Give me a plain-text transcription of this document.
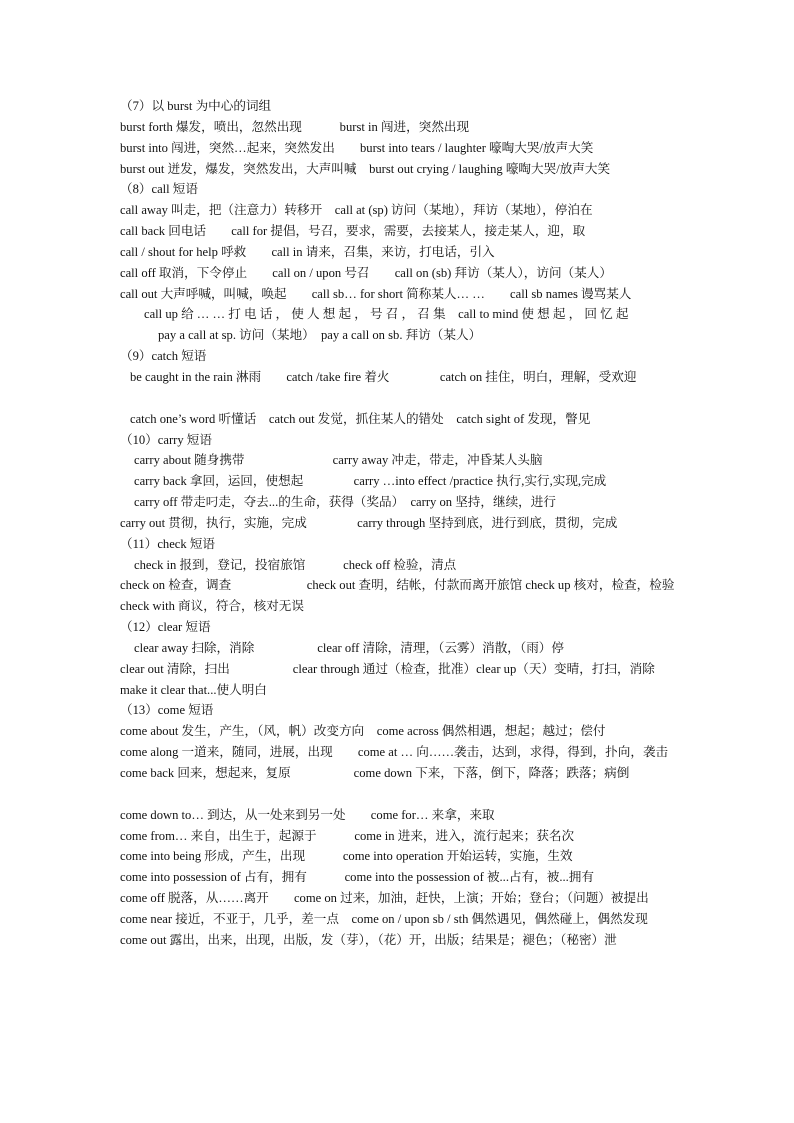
（7）以 burst 为中心的词组
burst forth 爆发，喷出，忽然出现　　　burst in 闯进，突然出现
burst into 闯进，突然…起来，突然发出　　burst into tears / laughter 嚎啕大哭/放声大笑
burst out 迸发，爆发，突然发出，大声叫喊　burst out crying / laughing 嚎啕大哭/放声大笑
（8）call 短语
call away 叫走，把（注意力）转移开　call at (sp) 访问（某地），拜访（某地），停泊在
call back 回电话　　call for 提倡，号召，要求，需要，去接某人，接走某人，迎，取
call / shout for help 呼救　　call in 请来，召集，来访，打电话，引入
call off 取消，下令停止　　call on / upon 号召　　call on (sb) 拜访（某人），访问（某人）
call out 大声呼喊，叫喊，唤起　　call sb… for short 简称某人… …　　call sb names 谩骂某人
call up 给 … … 打 电 话 ， 使 人 想 起 ， 号 召 ， 召 集　call to mind 使 想 起 ， 回 忆 起
pay a call at sp. 访问（某地）　pay a call on sb. 拜访（某人）
（9）catch 短语
be caught in the rain 淋雨　　catch /take fire 着火　　　　catch on 挂住，明白，理解，受欢迎
catch one’s word 听懂话　catch out 发觉，抓住某人的错处　catch sight of 发现，瞥见
（10）carry 短语
carry about 随身携带　　　　　　　carry away 冲走，带走，冲昏某人头脑
carry back 拿回，运回，使想起　　　　carry …into effect /practice 执行,实行,实现,完成
carry off 带走叼走，夺去...的生命，获得（奖品）　carry on 坚持，继续，进行
carry out 贯彻，执行，实施，完成　　　　carry through 坚持到底，进行到底，贯彻，完成
（11）check 短语
check in 报到，登记，投宿旅馆　　　check off 检验，清点
check on 检查，调查　　　　　　check out 查明，结帐，付款而离开旅馆 check up 核对，检查，检验　　　check with 商议，符合，核对无误
（12）clear 短语
clear away 扫除，消除　　　　　clear off 清除，清理，（云雾）消散，（雨）停
clear out 清除，扫出　　　　　clear through 通过（检查，批准）clear up（天）变晴，打扫，消除　　　make it clear that...使人明白
（13）come 短语
come about 发生，产生，（风，帆）改变方向　come across 偶然相遇，想起；越过；偿付
come along 一道来，随同，进展，出现　　come at … 向……袭击，达到，求得，得到，扑向，袭击
come back 回来，想起来，复原　　　　　come down 下来，下落，倒下，降落；跌落；病倒
come down to… 到达，从一处来到另一处　　come for… 来拿，来取
come from… 来自，出生于，起源于　　　come in 进来，进入，流行起来；获名次
come into being 形成，产生，出现　　　come into operation 开始运转，实施，生效
come into possession of 占有，拥有　　　come into the possession of 被...占有，被...拥有
come off 脱落，从……离开　　come on 过来，加油，赶快，上演；开始；登台；（问题）被提出
come near 接近，不亚于，几乎，差一点　come on / upon sb / sth 偶然遇见，偶然碰上，偶然发现
come out 露出，出来，出现，出版，发（芽），（花）开，出版；结果是；褪色；（秘密）泄
